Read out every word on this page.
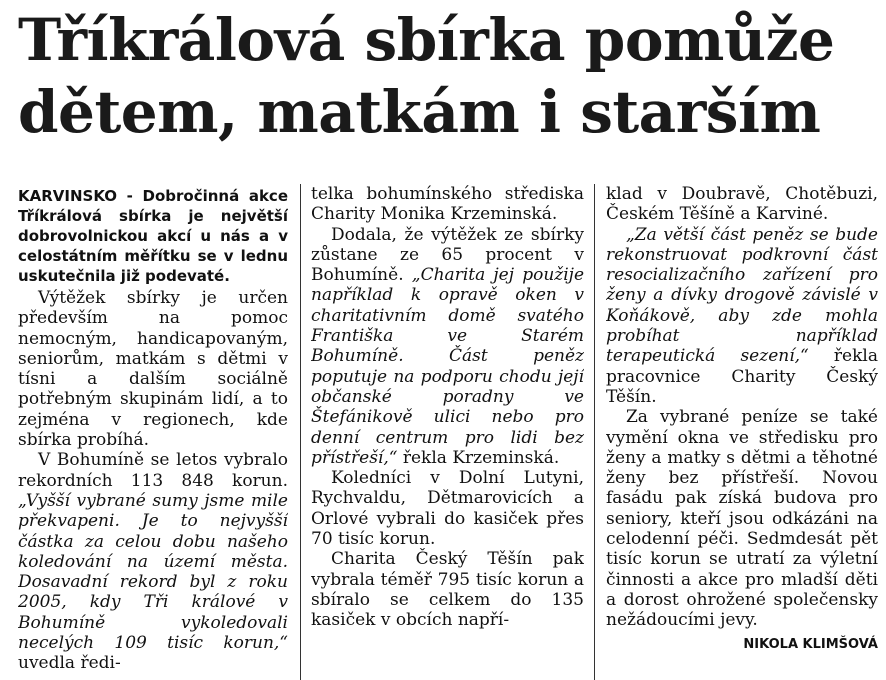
Tříkrálová sbírka pomůže
dětem, matkám i starším
KARVINSKO - Dobročinná akce Tříkrálová sbírka je největší dobrovolnickou akcí u nás a v celostátním měřítku se v lednu uskutečnila již podevaté.

Výtěžek sbírky je určen především na pomoc nemocným, handicapovaným, seniorům, matkám s dětmi v tísni a dalším sociálně potřebným skupinám lidí, a to zejména v regionech, kde sbírka probíhá.

V Bohumíně se letos vybralo rekordních 113 848 korun. „Vyšší vybrané sumy jsme mile překvapeni. Je to nejvyšší částka za celou dobu našeho koledování na území města. Dosavadní rekord byl z roku 2005, kdy Tři králové v Bohumíně vykoledovali necelých 109 tisíc korun,“ uvedla ředi-

telka bohumínského střediska Charity Monika Krzeminská.

Dodala, že výtěžek ze sbírky zůstane ze 65 procent v Bohumíně. „Charita jej použije například k opravě oken v charitativním domě svatého Františka ve Starém Bohumíně. Část peněz poputuje na podporu chodu její občanské poradny ve Štefánikově ulici nebo pro denní centrum pro lidi bez přístřeší,“ řekla Krzeminská.

Koledníci v Dolní Lutyni, Rychvaldu, Dětmarovicích a Orlové vybrali do kasiček přes 70 tisíc korun.

Charita Český Těšín pak vybrala téměř 795 tisíc korun a sbíralo se celkem do 135 kasiček v obcích napří-

klad v Doubravě, Chotěbuzi, Českém Těšíně a Karviné.

„Za větší část peněz se bude rekonstruovat podkrovní část resocializačního zařízení pro ženy a dívky drogově závislé v Koňákově, aby zde mohla probíhat například terapeutická sezení,“ řekla pracovnice Charity Český Těšín.

Za vybrané peníze se také vymění okna ve středisku pro ženy a matky s dětmi a těhotné ženy bez přístřeší. Novou fasádu pak získá budova pro seniory, kteří jsou odkázáni na celodenní péči. Sedmdesát pět tisíc korun se utratí za výletní činnosti a akce pro mladší děti a dorost ohrožené společensky nežádoucími jevy.

NIKOLA KLIMŠOVÁ
